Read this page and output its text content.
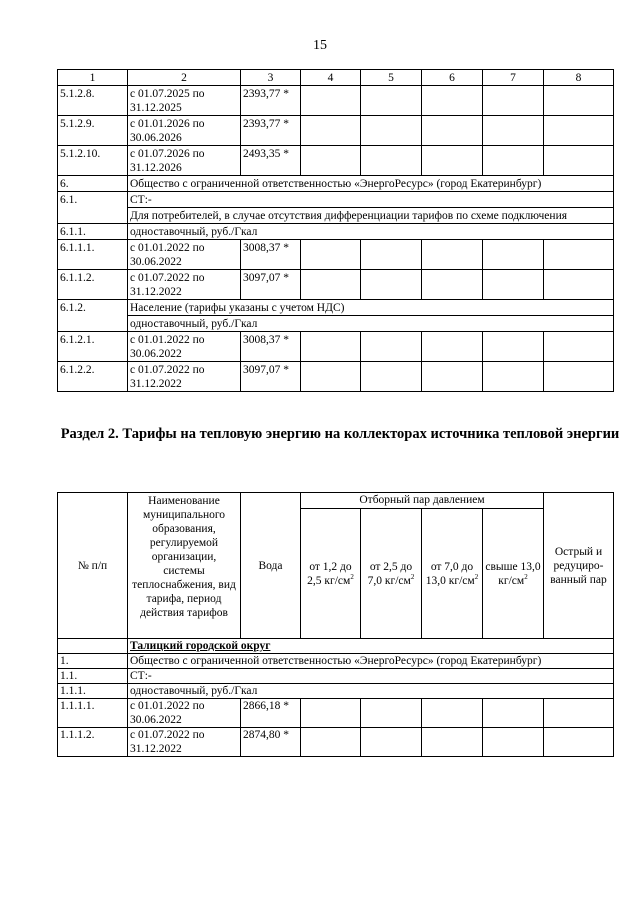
15
1	2	3	4	5	6	7	8
5.1.2.8.	с 01.07.2025 по 31.12.2025	2393,77 *					
5.1.2.9.	с 01.01.2026 по 30.06.2026	2393,77 *					
5.1.2.10.	с 01.07.2026 по 31.12.2026	2493,35 *					
6.	Общество с ограниченной ответственностью «ЭнергоРесурс» (город Екатеринбург)						
6.1.	СТ:-						
	Для потребителей, в случае отсутствия дифференциации тарифов по схеме подключения						
6.1.1.	одноставочный, руб./Гкал						
6.1.1.1.	с 01.01.2022 по 30.06.2022	3008,37 *					
6.1.1.2.	с 01.07.2022 по 31.12.2022	3097,07 *					
6.1.2.	Население (тарифы указаны с учетом НДС)						
	одноставочный, руб./Гкал						
6.1.2.1.	с 01.01.2022 по 30.06.2022	3008,37 *					
6.1.2.2.	с 01.07.2022 по 31.12.2022	3097,07 *					
Раздел 2. Тарифы на тепловую энергию на коллекторах источника тепловой энергии
№ п/п	Наименование муниципального образования, регулируемой организации, системы теплоснабжения, вид тарифа, период действия тарифов	Вода	Отборный пар давлением				Острый и редуциро-ванный пар
			от 1,2 до 2,5 $кг/см^2$	от 2,5 до 7,0 $кг/см^2$	от 7,0 до 13,0 $кг/см^2$	свыше 13,0 $кг/см^2$
	Талицкий городской округ						
1.	Общество с ограниченной ответственностью «ЭнергоРесурс» (город Екатеринбург)						
1.1.	СТ:-						
1.1.1.	одноставочный, руб./Гкал						
1.1.1.1.	с 01.01.2022 по 30.06.2022	2866,18 *					
1.1.1.2.	с 01.07.2022 по 31.12.2022	2874,80 *					
